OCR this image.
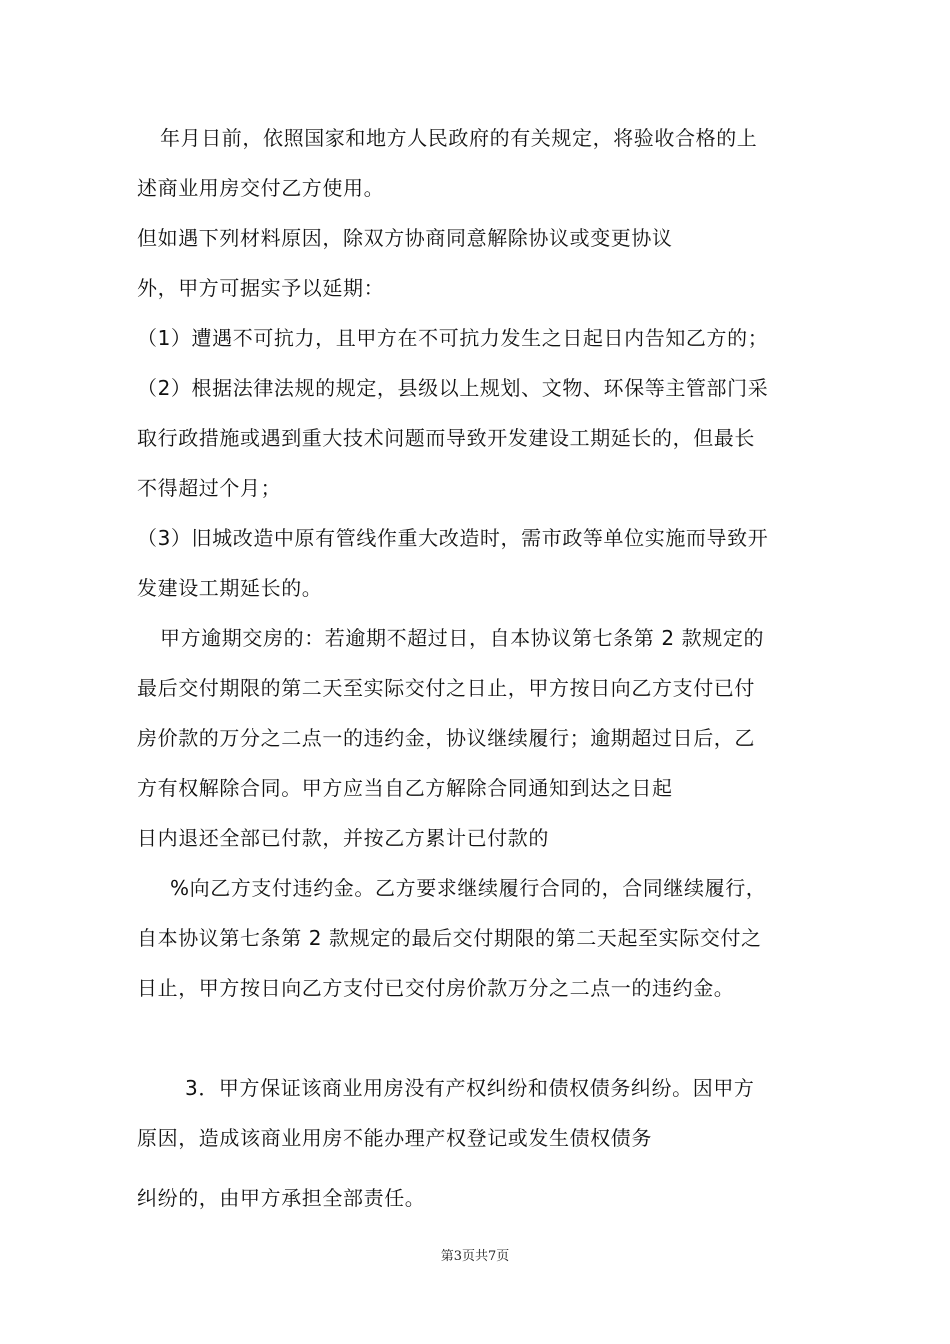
年月日前，依照国家和地方人民政府的有关规定，将验收合格的上
述商业用房交付乙方使用。
但如遇下列材料原因，除双方协商同意解除协议或变更协议
外，甲方可据实予以延期：
（1）遭遇不可抗力，且甲方在不可抗力发生之日起日内告知乙方的；
（2）根据法律法规的规定，县级以上规划、文物、环保等主管部门采
取行政措施或遇到重大技术问题而导致开发建设工期延长的，但最长
不得超过个月；
（3）旧城改造中原有管线作重大改造时，需市政等单位实施而导致开
发建设工期延长的。
甲方逾期交房的：若逾期不超过日，自本协议第七条第 2 款规定的
最后交付期限的第二天至实际交付之日止，甲方按日向乙方支付已付
房价款的万分之二点一的违约金，协议继续履行；逾期超过日后，乙
方有权解除合同。甲方应当自乙方解除合同通知到达之日起
日内退还全部已付款，并按乙方累计已付款的
%向乙方支付违约金。乙方要求继续履行合同的，合同继续履行，
自本协议第七条第 2 款规定的最后交付期限的第二天起至实际交付之
日止，甲方按日向乙方支付已交付房价款万分之二点一的违约金。
3．甲方保证该商业用房没有产权纠纷和债权债务纠纷。因甲方
原因，造成该商业用房不能办理产权登记或发生债权债务
纠纷的，由甲方承担全部责任。
第3页共7页
